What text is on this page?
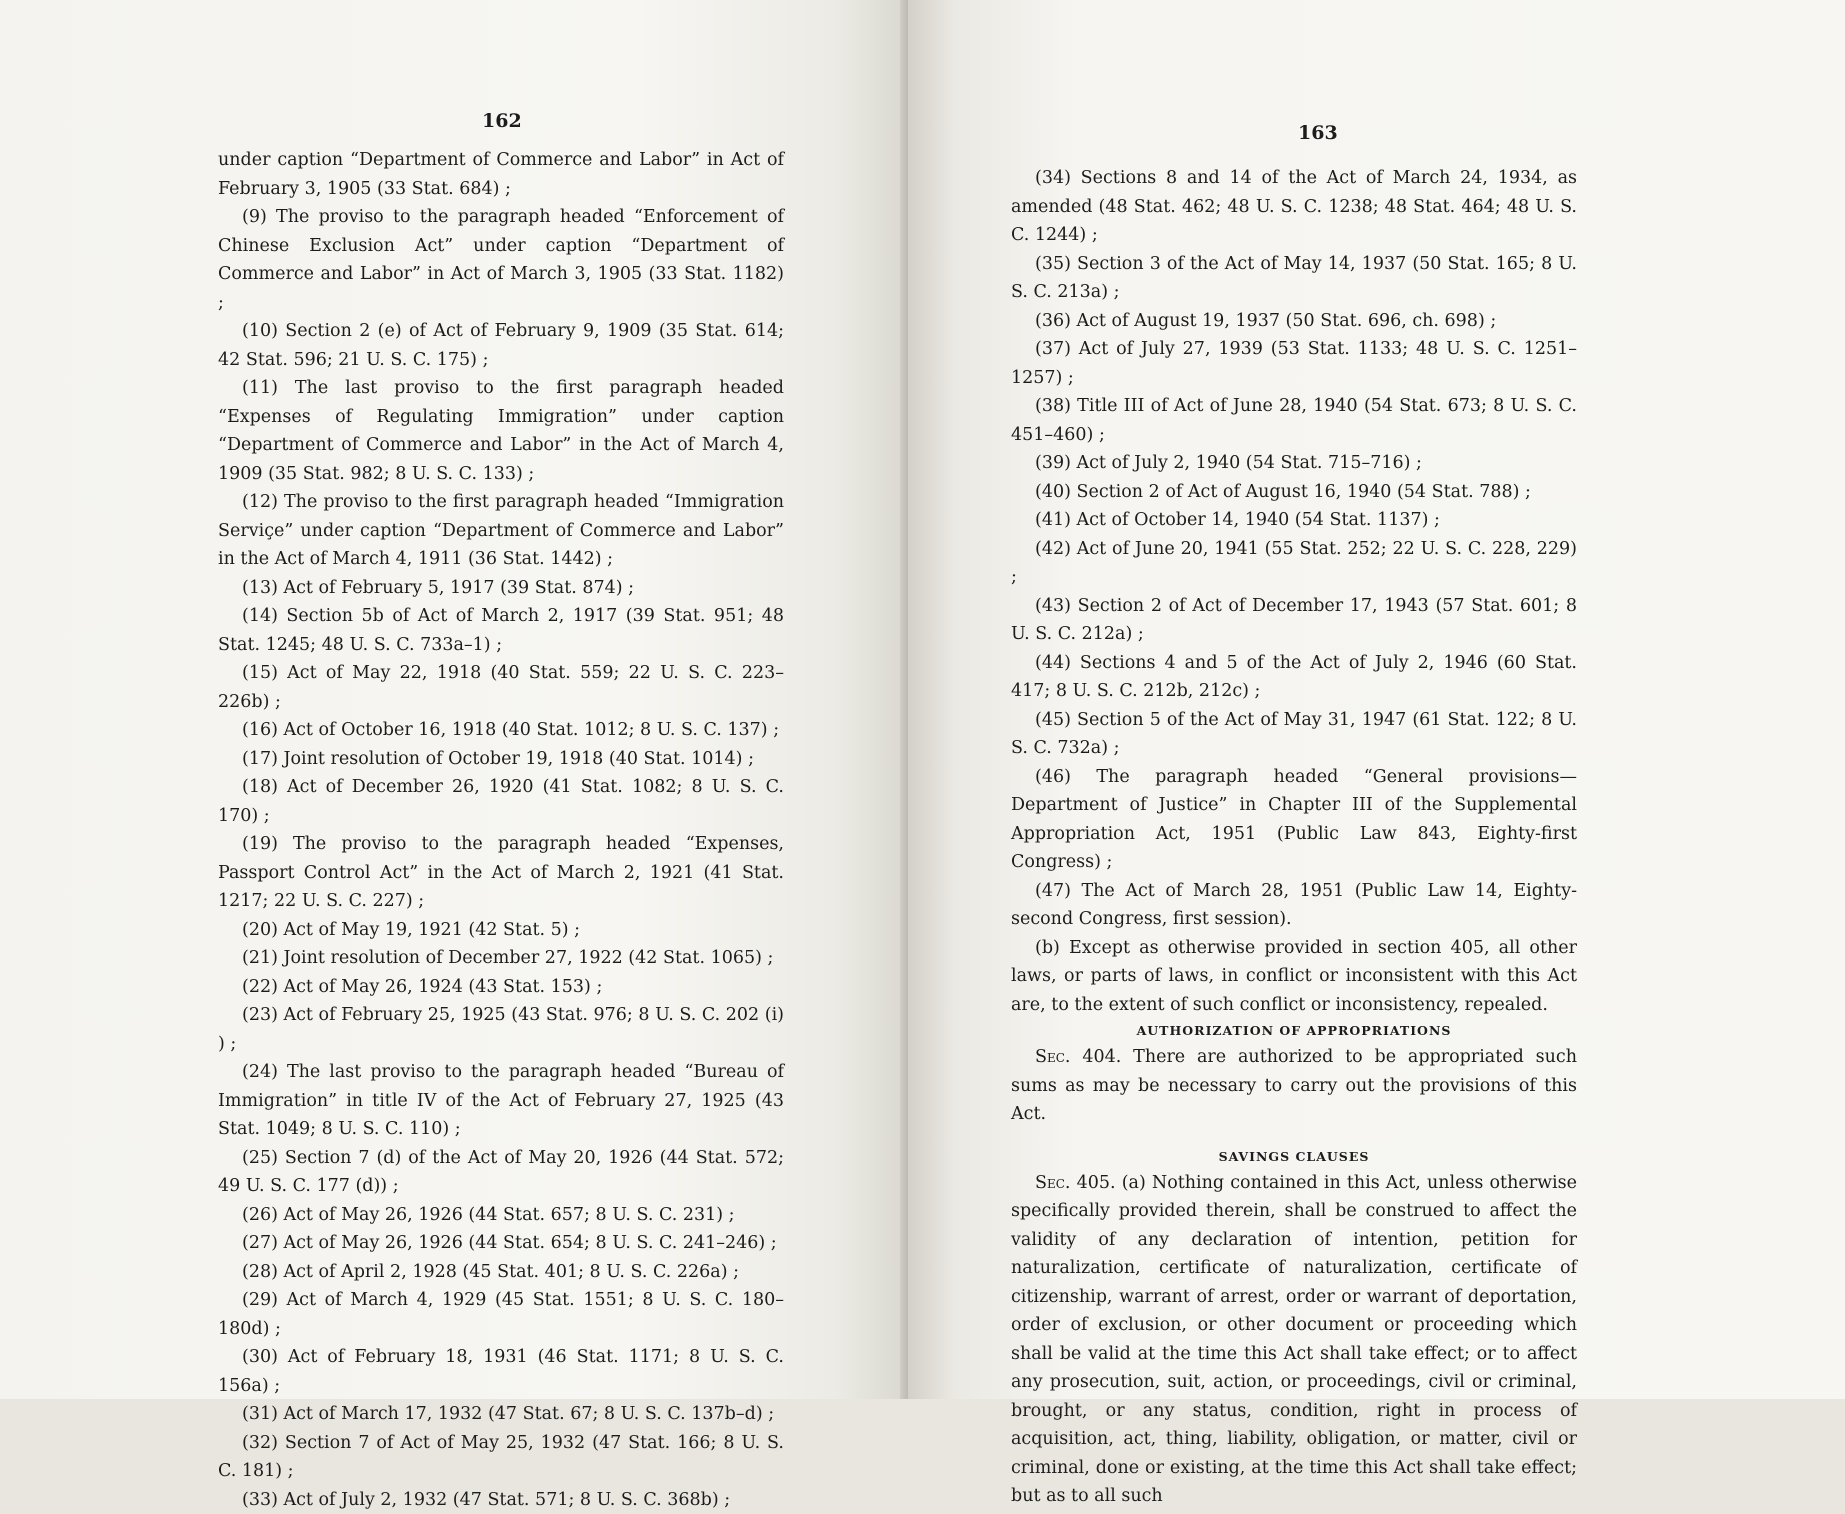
162

under caption “Department of Commerce and Labor” in Act of February 3, 1905 (33 Stat. 684) ;

(9) The proviso to the paragraph headed “Enforcement of Chinese Exclusion Act” under caption “Department of Commerce and Labor” in Act of March 3, 1905 (33 Stat. 1182) ;

(10) Section 2 (e) of Act of February 9, 1909 (35 Stat. 614; 42 Stat. 596; 21 U. S. C. 175) ;

(11) The last proviso to the first paragraph headed “Expenses of Regulating Immigration” under caption “Department of Commerce and Labor” in the Act of March 4, 1909 (35 Stat. 982; 8 U. S. C. 133) ;

(12) The proviso to the first paragraph headed “Immigration Serviçe” under caption “Department of Commerce and Labor” in the Act of March 4, 1911 (36 Stat. 1442) ;

(13) Act of February 5, 1917 (39 Stat. 874) ;

(14) Section 5b of Act of March 2, 1917 (39 Stat. 951; 48 Stat. 1245; 48 U. S. C. 733a–1) ;

(15) Act of May 22, 1918 (40 Stat. 559; 22 U. S. C. 223–226b) ;

(16) Act of October 16, 1918 (40 Stat. 1012; 8 U. S. C. 137) ;

(17) Joint resolution of October 19, 1918 (40 Stat. 1014) ;

(18) Act of December 26, 1920 (41 Stat. 1082; 8 U. S. C. 170) ;

(19) The proviso to the paragraph headed “Expenses, Passport Control Act” in the Act of March 2, 1921 (41 Stat. 1217; 22 U. S. C. 227) ;

(20) Act of May 19, 1921 (42 Stat. 5) ;

(21) Joint resolution of December 27, 1922 (42 Stat. 1065) ;

(22) Act of May 26, 1924 (43 Stat. 153) ;

(23) Act of February 25, 1925 (43 Stat. 976; 8 U. S. C. 202 (i) ) ;

(24) The last proviso to the paragraph headed “Bureau of Immigration” in title IV of the Act of February 27, 1925 (43 Stat. 1049; 8 U. S. C. 110) ;

(25) Section 7 (d) of the Act of May 20, 1926 (44 Stat. 572; 49 U. S. C. 177 (d)) ;

(26) Act of May 26, 1926 (44 Stat. 657; 8 U. S. C. 231) ;

(27) Act of May 26, 1926 (44 Stat. 654; 8 U. S. C. 241–246) ;

(28) Act of April 2, 1928 (45 Stat. 401; 8 U. S. C. 226a) ;

(29) Act of March 4, 1929 (45 Stat. 1551; 8 U. S. C. 180–180d) ;

(30) Act of February 18, 1931 (46 Stat. 1171; 8 U. S. C. 156a) ;

(31) Act of March 17, 1932 (47 Stat. 67; 8 U. S. C. 137b–d) ;

(32) Section 7 of Act of May 25, 1932 (47 Stat. 166; 8 U. S. C. 181) ;

(33) Act of July 2, 1932 (47 Stat. 571; 8 U. S. C. 368b) ;

163

(34) Sections 8 and 14 of the Act of March 24, 1934, as amended (48 Stat. 462; 48 U. S. C. 1238; 48 Stat. 464; 48 U. S. C. 1244) ;

(35) Section 3 of the Act of May 14, 1937 (50 Stat. 165; 8 U. S. C. 213a) ;

(36) Act of August 19, 1937 (50 Stat. 696, ch. 698) ;

(37) Act of July 27, 1939 (53 Stat. 1133; 48 U. S. C. 1251–1257) ;

(38) Title III of Act of June 28, 1940 (54 Stat. 673; 8 U. S. C. 451–460) ;

(39) Act of July 2, 1940 (54 Stat. 715–716) ;

(40) Section 2 of Act of August 16, 1940 (54 Stat. 788) ;

(41) Act of October 14, 1940 (54 Stat. 1137) ;

(42) Act of June 20, 1941 (55 Stat. 252; 22 U. S. C. 228, 229) ;

(43) Section 2 of Act of December 17, 1943 (57 Stat. 601; 8 U. S. C. 212a) ;

(44) Sections 4 and 5 of the Act of July 2, 1946 (60 Stat. 417; 8 U. S. C. 212b, 212c) ;

(45) Section 5 of the Act of May 31, 1947 (61 Stat. 122; 8 U. S. C. 732a) ;

(46) The paragraph headed “General provisions—Department of Justice” in Chapter III of the Supplemental Appropriation Act, 1951 (Public Law 843, Eighty-first Congress) ;

(47) The Act of March 28, 1951 (Public Law 14, Eighty-second Congress, first session).

(b) Except as otherwise provided in section 405, all other laws, or parts of laws, in conflict or inconsistent with this Act are, to the extent of such conflict or inconsistency, repealed.

AUTHORIZATION OF APPROPRIATIONS

Sec. 404. There are authorized to be appropriated such sums as may be necessary to carry out the provisions of this Act.

SAVINGS CLAUSES

Sec. 405. (a) Nothing contained in this Act, unless otherwise specifically provided therein, shall be construed to affect the validity of any declaration of intention, petition for naturalization, certificate of naturalization, certificate of citizenship, warrant of arrest, order or warrant of deportation, order of exclusion, or other document or proceeding which shall be valid at the time this Act shall take effect; or to affect any prosecution, suit, action, or proceedings, civil or criminal, brought, or any status, condition, right in process of acquisition, act, thing, liability, obligation, or matter, civil or criminal, done or existing, at the time this Act shall take effect; but as to all such
